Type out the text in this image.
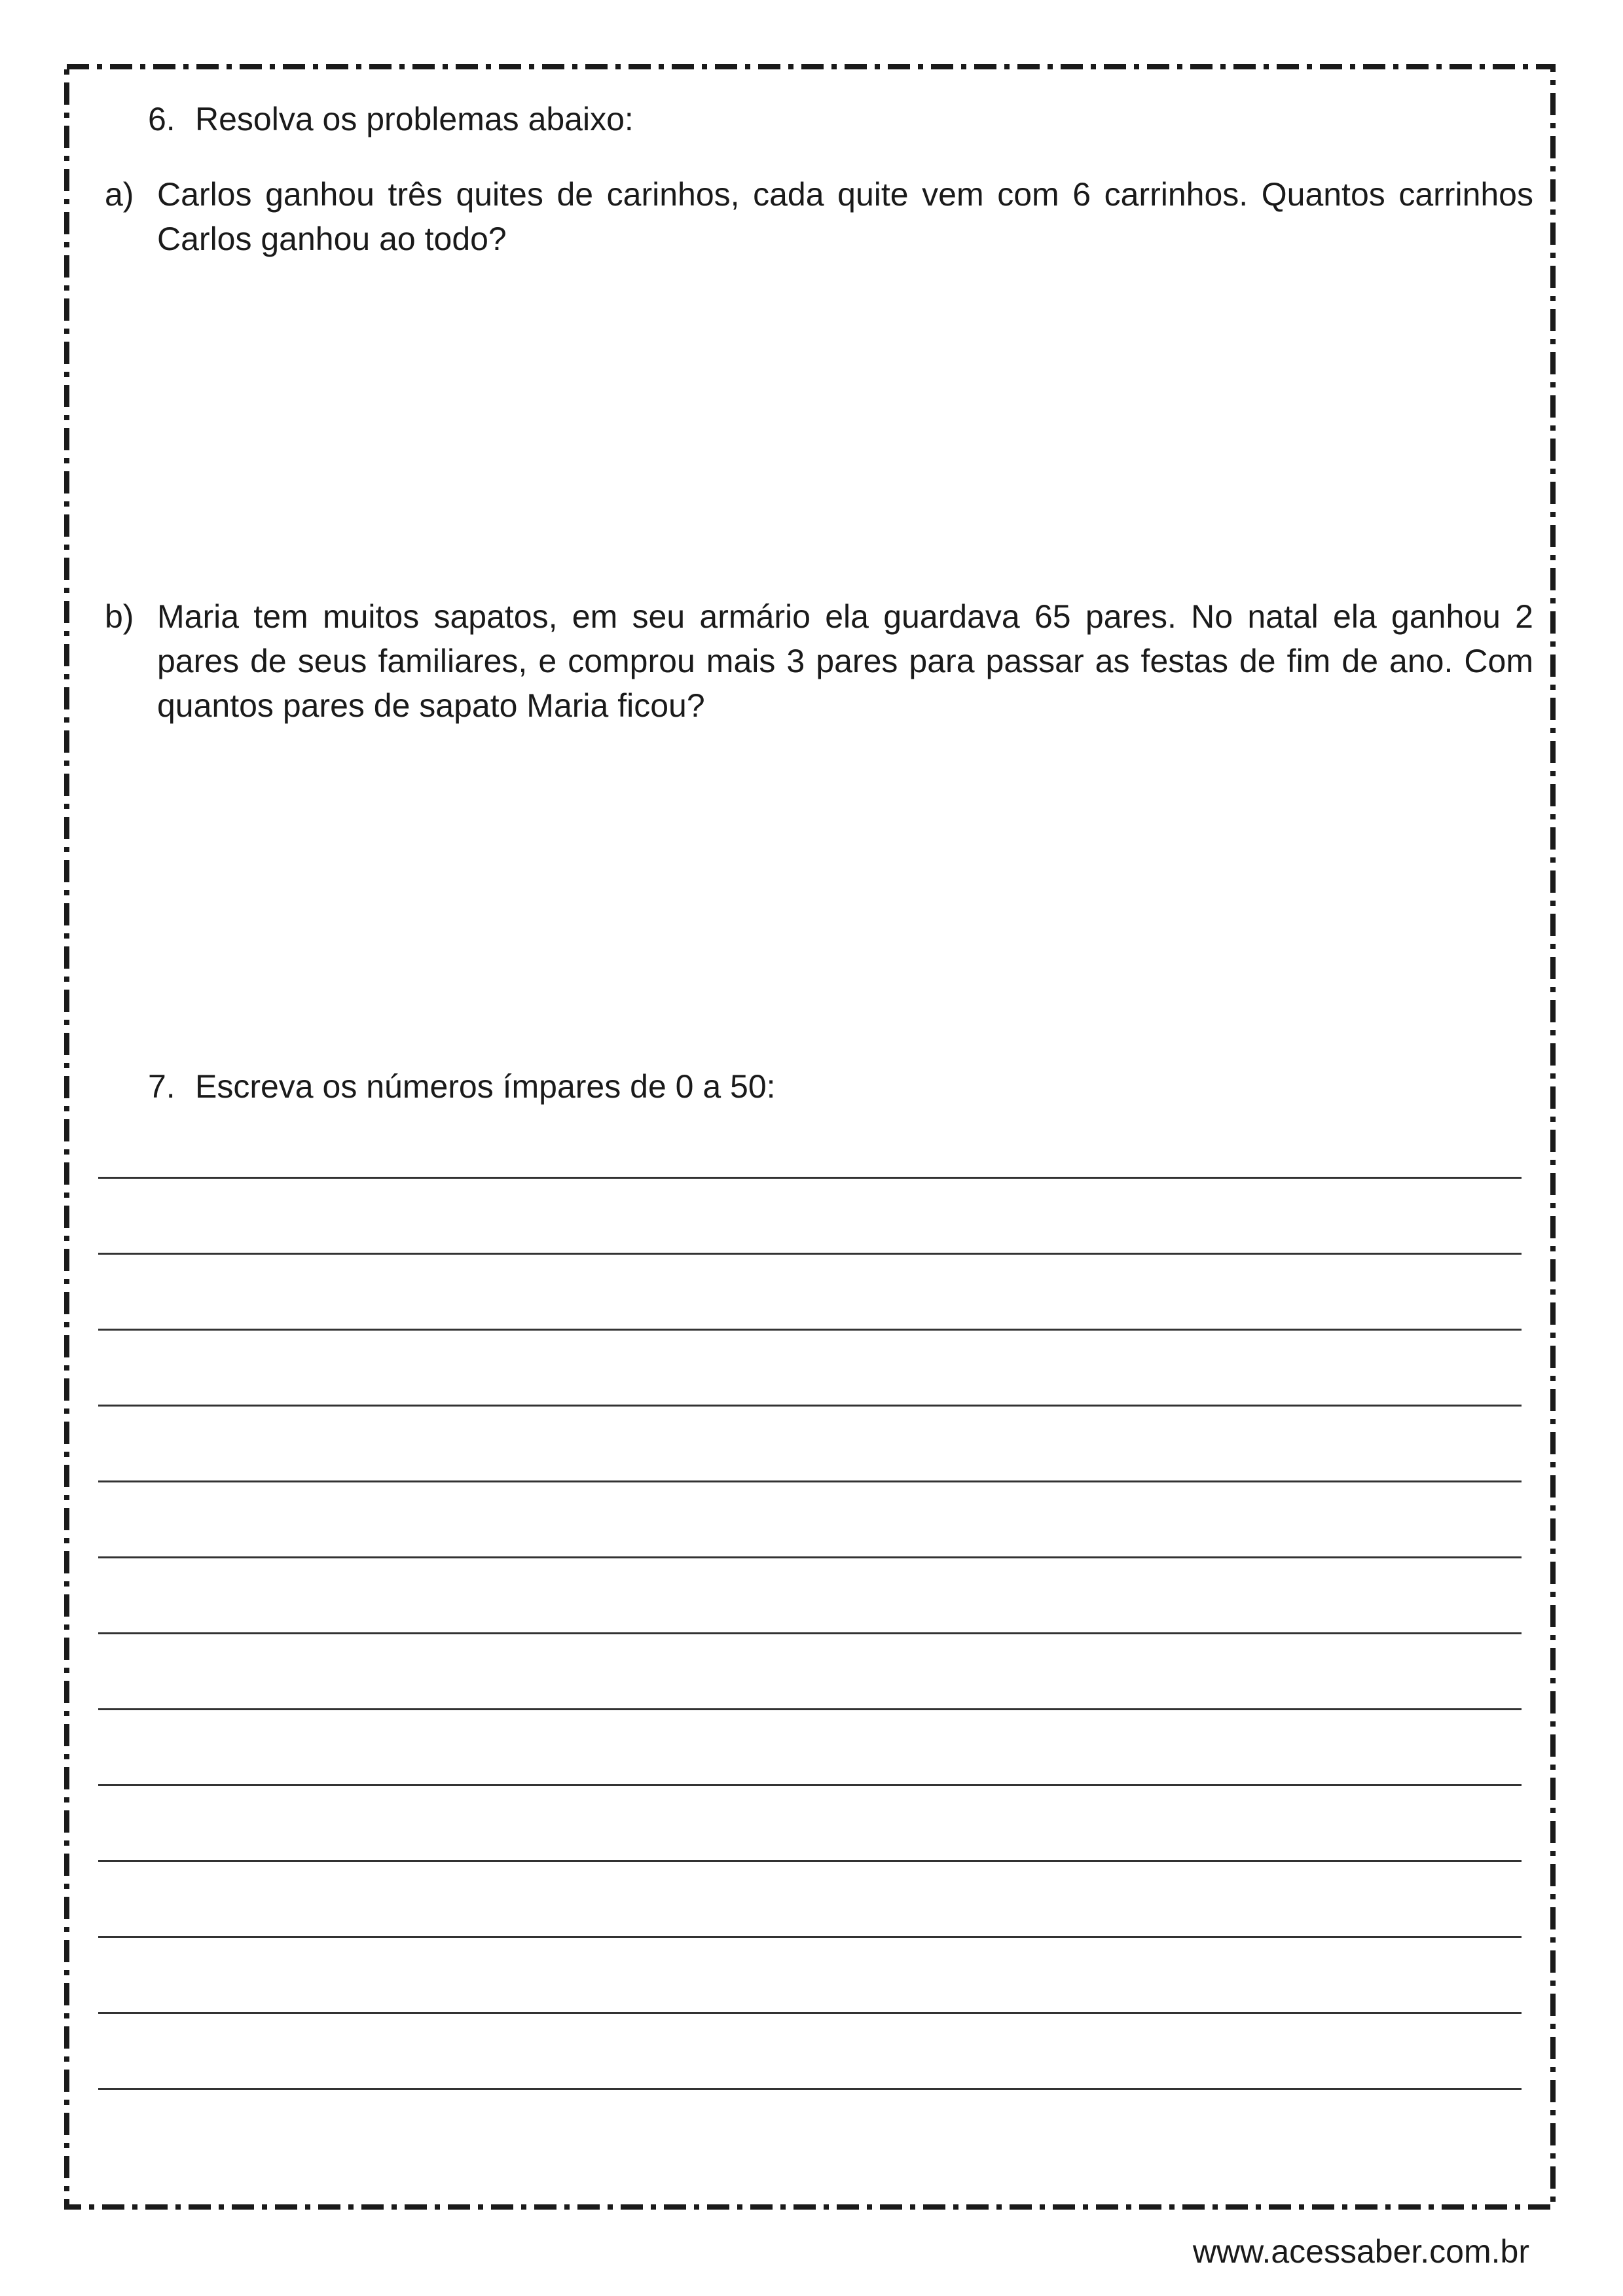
6. Resolva os problemas abaixo:
a) Carlos ganhou três quites de carinhos, cada quite vem com 6 carrinhos. Quantos carrinhos Carlos ganhou ao todo?
b) Maria tem muitos sapatos, em seu armário ela guardava 65 pares. No natal ela ganhou 2 pares de seus familiares, e comprou mais 3 pares para passar as festas de fim de ano. Com quantos pares de sapato Maria ficou?
7. Escreva os números ímpares de 0 a 50:
www.acessaber.com.br
